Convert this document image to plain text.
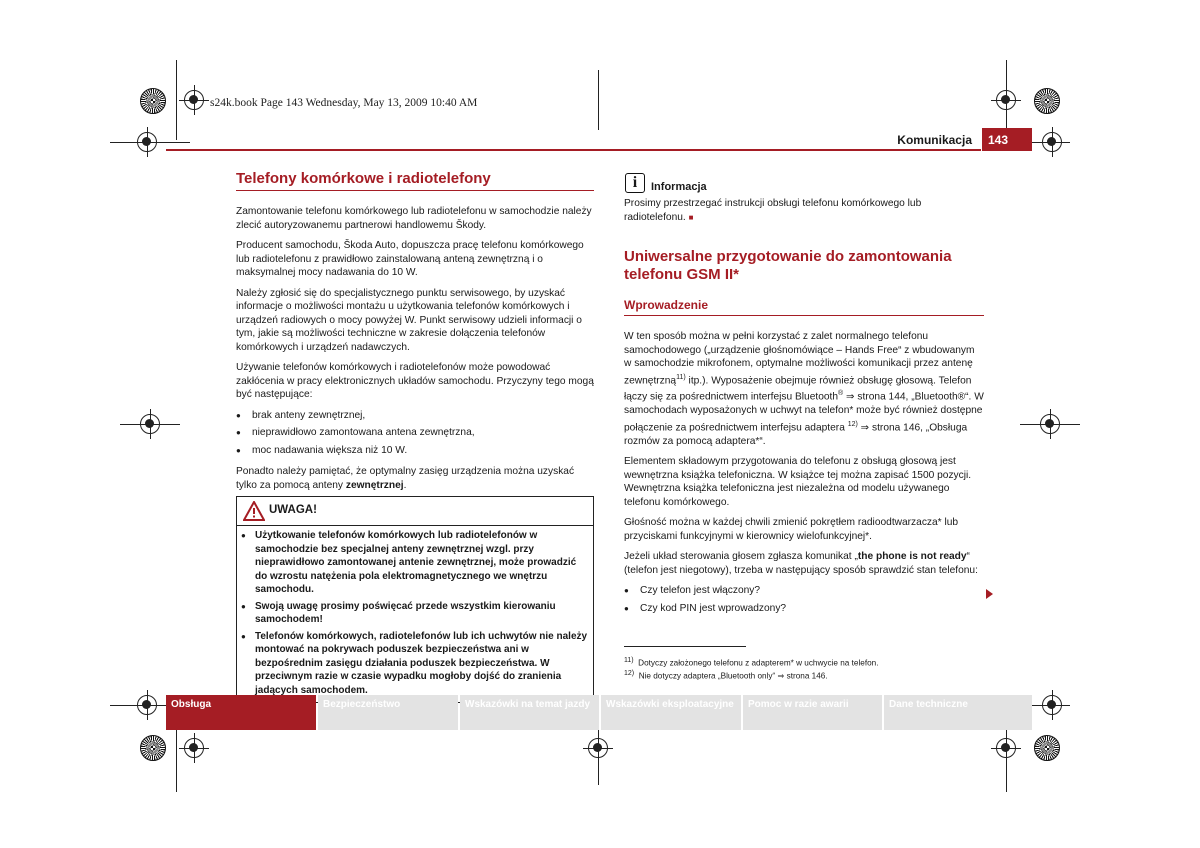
s24k.book Page 143 Wednesday, May 13, 2009 10:40 AM
Komunikacja	143
Telefony komórkowe i radiotelefony

Zamontowanie telefonu komórkowego lub radiotelefonu w samochodzie należy zlecić autoryzowanemu partnerowi handlowemu Škody.

Producent samochodu, Škoda Auto, dopuszcza pracę telefonu komórkowego lub radiotelefonu z prawidłowo zainstalowaną anteną zewnętrzną i o maksymalnej mocy nadawania do 10 W.

Należy zgłosić się do specjalistycznego punktu serwisowego, by uzyskać informacje o możliwości montażu u użytkowania telefonów komórkowych i urządzeń radiowych o mocy powyżej W. Punkt serwisowy udzieli informacji o tym, jakie są możliwości techniczne w zakresie dołączenia telefonów komórkowych i urządzeń nadawczych.

Używanie telefonów komórkowych i radiotelefonów może powodować zakłócenia w pracy elektronicznych układów samochodu. Przyczyny tego mogą być następujące:

● brak anteny zewnętrznej,
● nieprawidłowo zamontowana antena zewnętrzna,
● moc nadawania większa niż 10 W.

Ponadto należy pamiętać, że optymalny zasięg urządzenia można uzyskać tylko za pomocą anteny zewnętrznej.

UWAGA!
● Użytkowanie telefonów komórkowych lub radiotelefonów w samochodzie bez specjalnej anteny zewnętrznej wzgl. przy nieprawidłowo zamontowanej antenie zewnętrznej, może prowadzić do wzrostu natężenia pola elektromagnetycznego we wnętrzu samochodu.
● Swoją uwagę prosimy poświęcać przede wszystkim kierowaniu samochodem!
● Telefonów komórkowych, radiotelefonów lub ich uchwytów nie należy montować na pokrywach poduszek bezpieczeństwa ani w bezpośrednim zasięgu działania poduszek bezpieczeństwa. W przeciwnym razie w czasie wypadku mogłoby dojść do zranienia jadących samochodem.
i	Informacja
Prosimy przestrzegać instrukcji obsługi telefonu komórkowego lub radiotelefonu. ■
Uniwersalne przygotowanie do zamontowania telefonu GSM II*
Wprowadzenie

W ten sposób można w pełni korzystać z zalet normalnego telefonu samochodowego („urządzenie głośnomówiące – Hands Free“ z wbudowanym w samochodzie mikrofonem, optymalne możliwości komunikacji przez antenę zewnętrzną$^{11)}$ itp.). Wyposażenie obejmuje również obsługę głosową. Telefon łączy się za pośrednictwem interfejsu Bluetooth® ⇒ strona 144, „Bluetooth®“. W samochodach wyposażonych w uchwyt na telefon* może być również dostępne połączenie za pośrednictwem interfejsu adaptera $^{12)}$ ⇒ strona 146, „Obsługa rozmów za pomocą adaptera*“.

Elementem składowym przygotowania do telefonu z obsługą głosową jest wewnętrzna książka telefoniczna. W książce tej można zapisać 1500 pozycji. Wewnętrzna książka telefoniczna jest niezależna od modelu używanego telefonu komórkowego.

Głośność można w każdej chwili zmienić pokrętłem radioodtwarzacza* lub przyciskami funkcyjnymi w kierownicy wielofunkcyjnej*.

Jeżeli układ sterowania głosem zgłasza komunikat „the phone is not ready“ (telefon jest niegotowy), trzeba w następujący sposób sprawdzić stan telefonu:

● Czy telefon jest włączony?
● Czy kod PIN jest wprowadzony?
$^{11)}$ Dotyczy założonego telefonu z adapterem* w uchwycie na telefon.
$^{12)}$ Nie dotyczy adaptera „Bluetooth only“ ⇒ strona 146.
Obsługa	Bezpieczeństwo	Wskazówki na temat jazdy	Wskazówki eksploatacyjne	Pomoc w razie awarii	Dane techniczne
